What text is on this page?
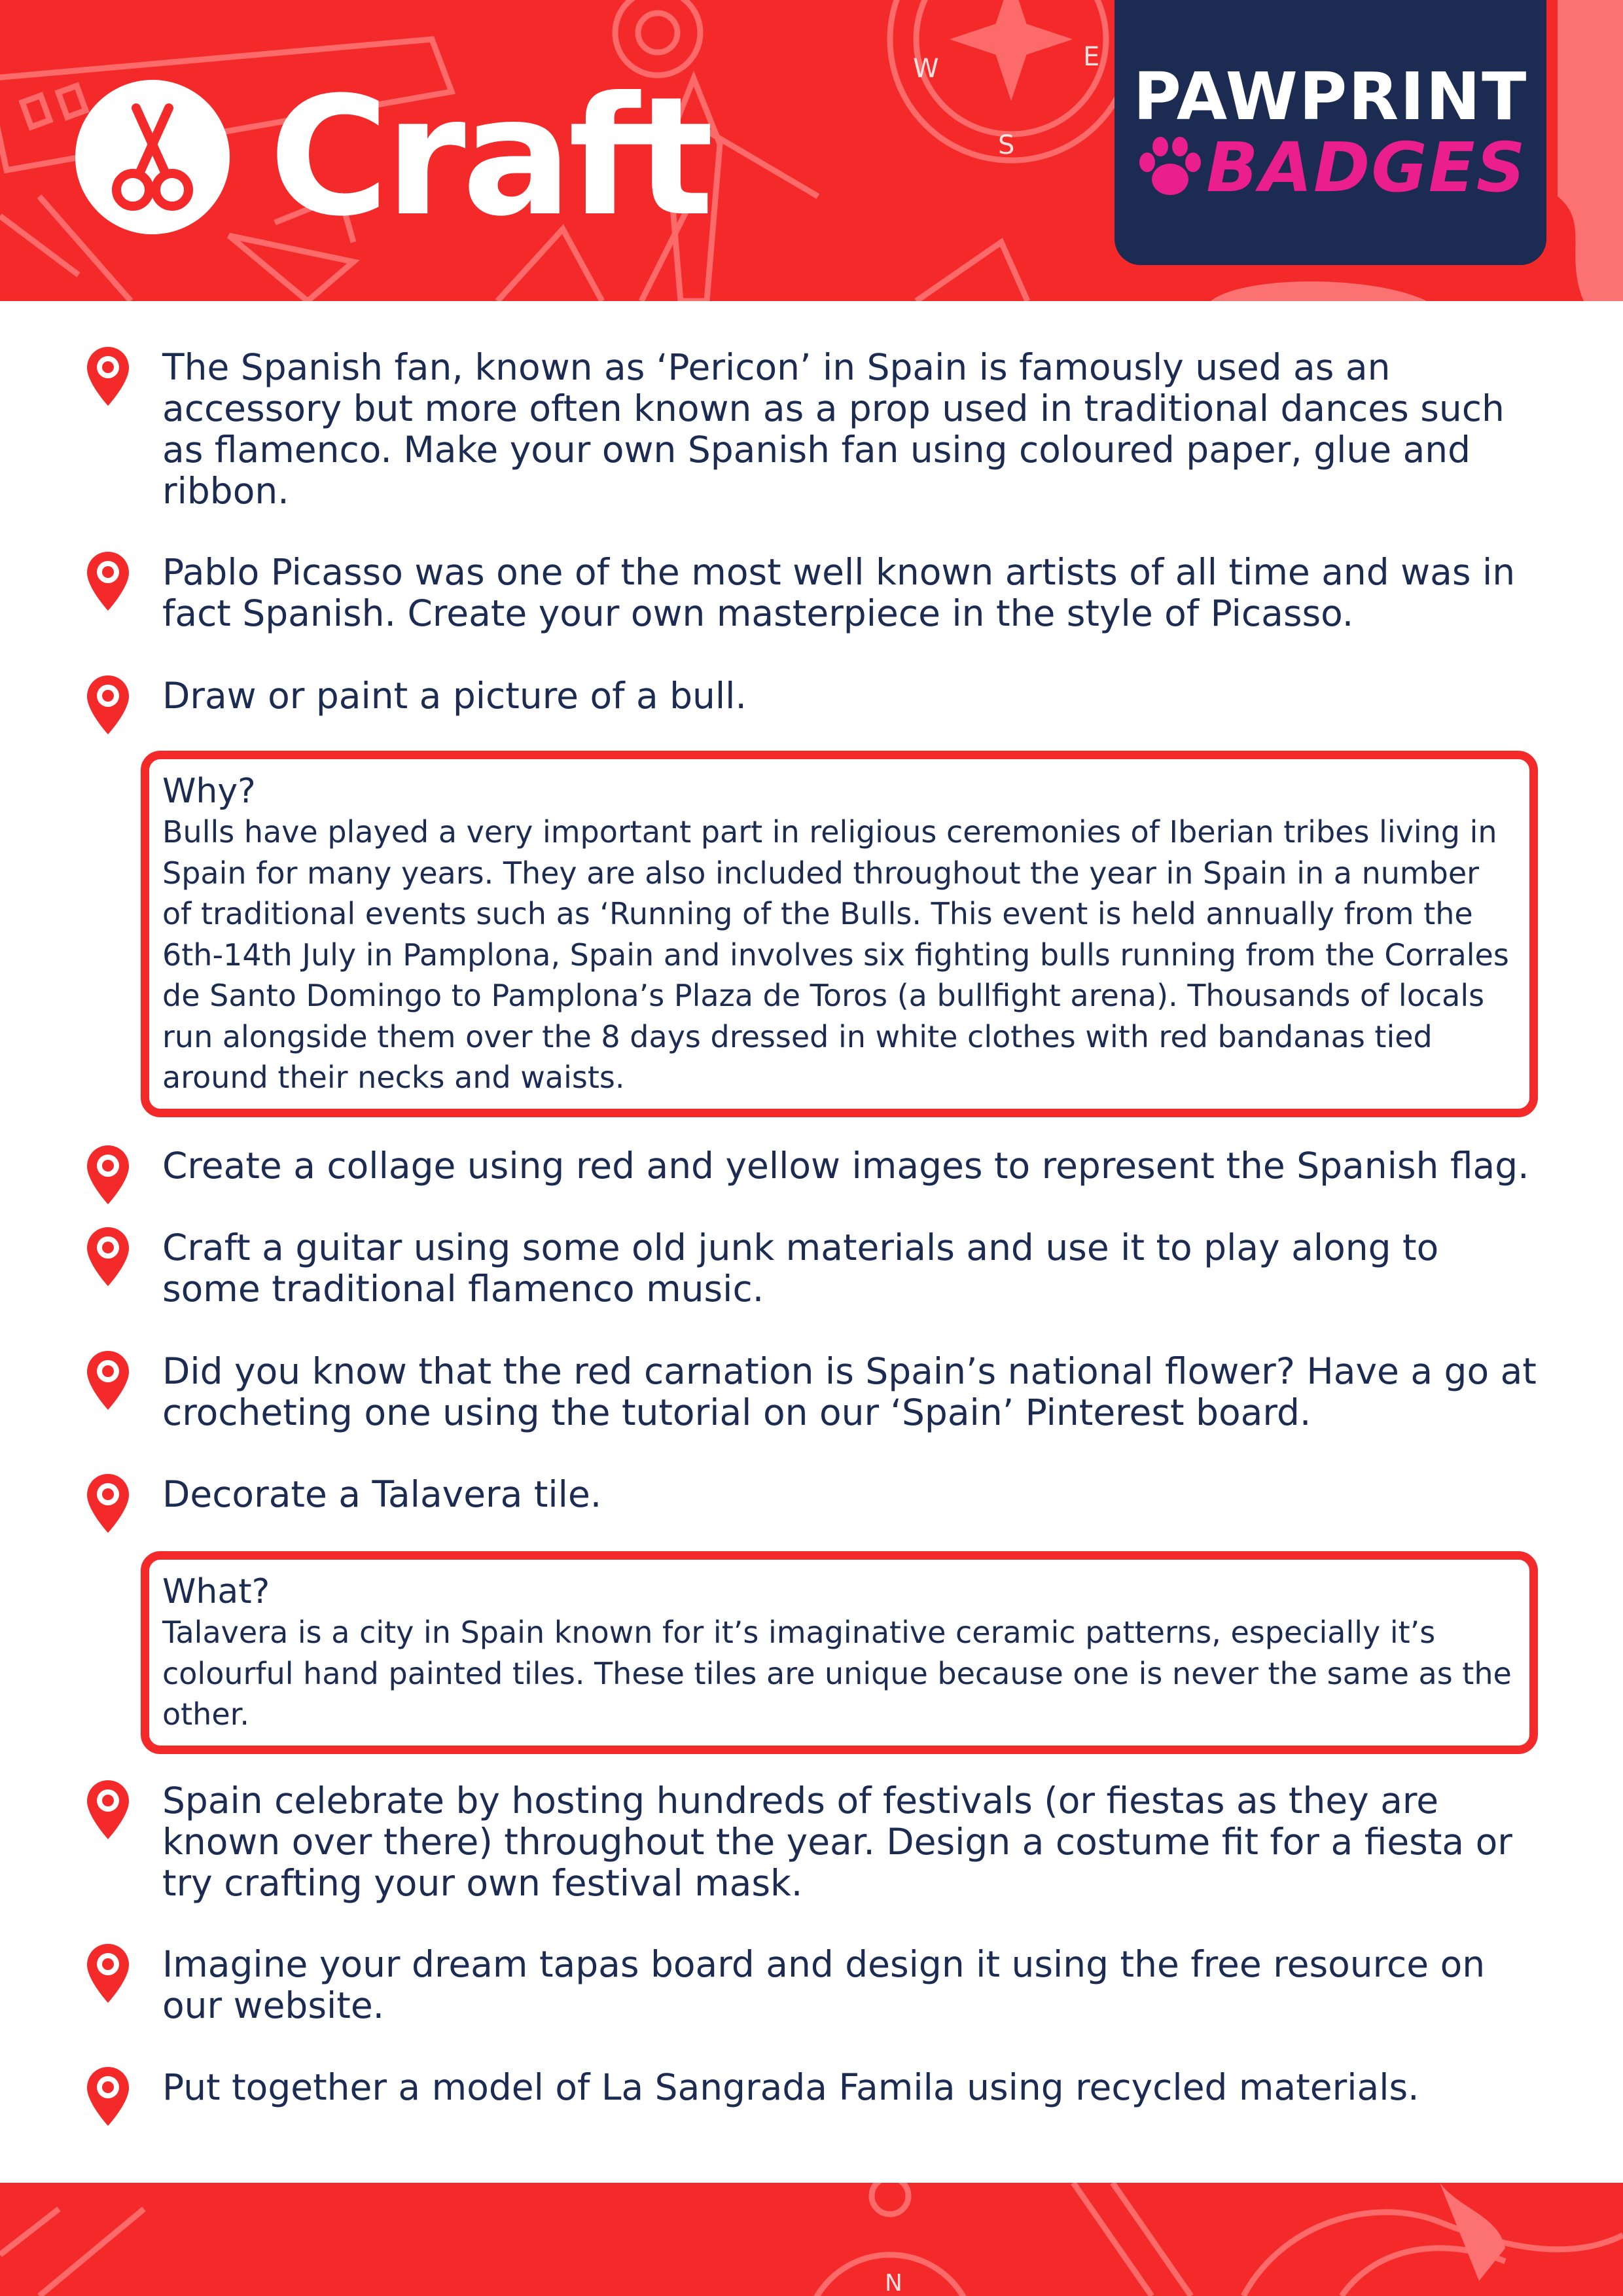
W	E
S
Craft	PAWPRINT
BADGES
The Spanish fan, known as ‘Pericon’ in Spain is famously used as an accessory but more often known as a prop used in traditional dances such as flamenco. Make your own Spanish fan using coloured paper, glue and ribbon.
Pablo Picasso was one of the most well known artists of all time and was in fact Spanish. Create your own masterpiece in the style of Picasso.
Draw or paint a picture of a bull.
Why?
Bulls have played a very important part in religious ceremonies of Iberian tribes living in Spain for many years. They are also included throughout the year in Spain in a number of traditional events such as ‘Running of the Bulls. This event is held annually from the 6th-14th July in Pamplona, Spain and involves six fighting bulls running from the Corrales de Santo Domingo to Pamplona’s Plaza de Toros (a bullfight arena). Thousands of locals run alongside them over the 8 days dressed in white clothes with red bandanas tied around their necks and waists.
Create a collage using red and yellow images to represent the Spanish flag.
Craft a guitar using some old junk materials and use it to play along to some traditional flamenco music.
Did you know that the red carnation is Spain’s national flower? Have a go at crocheting one using the tutorial on our ‘Spain’ Pinterest board.
Decorate a Talavera tile.
What?
Talavera is a city in Spain known for it’s imaginative ceramic patterns, especially it’s colourful hand painted tiles. These tiles are unique because one is never the same as the other.
Spain celebrate by hosting hundreds of festivals (or fiestas as they are known over there) throughout the year. Design a costume fit for a fiesta or try crafting your own festival mask.
Imagine your dream tapas board and design it using the free resource on our website.
Put together a model of La Sangrada Famila using recycled materials.
N
